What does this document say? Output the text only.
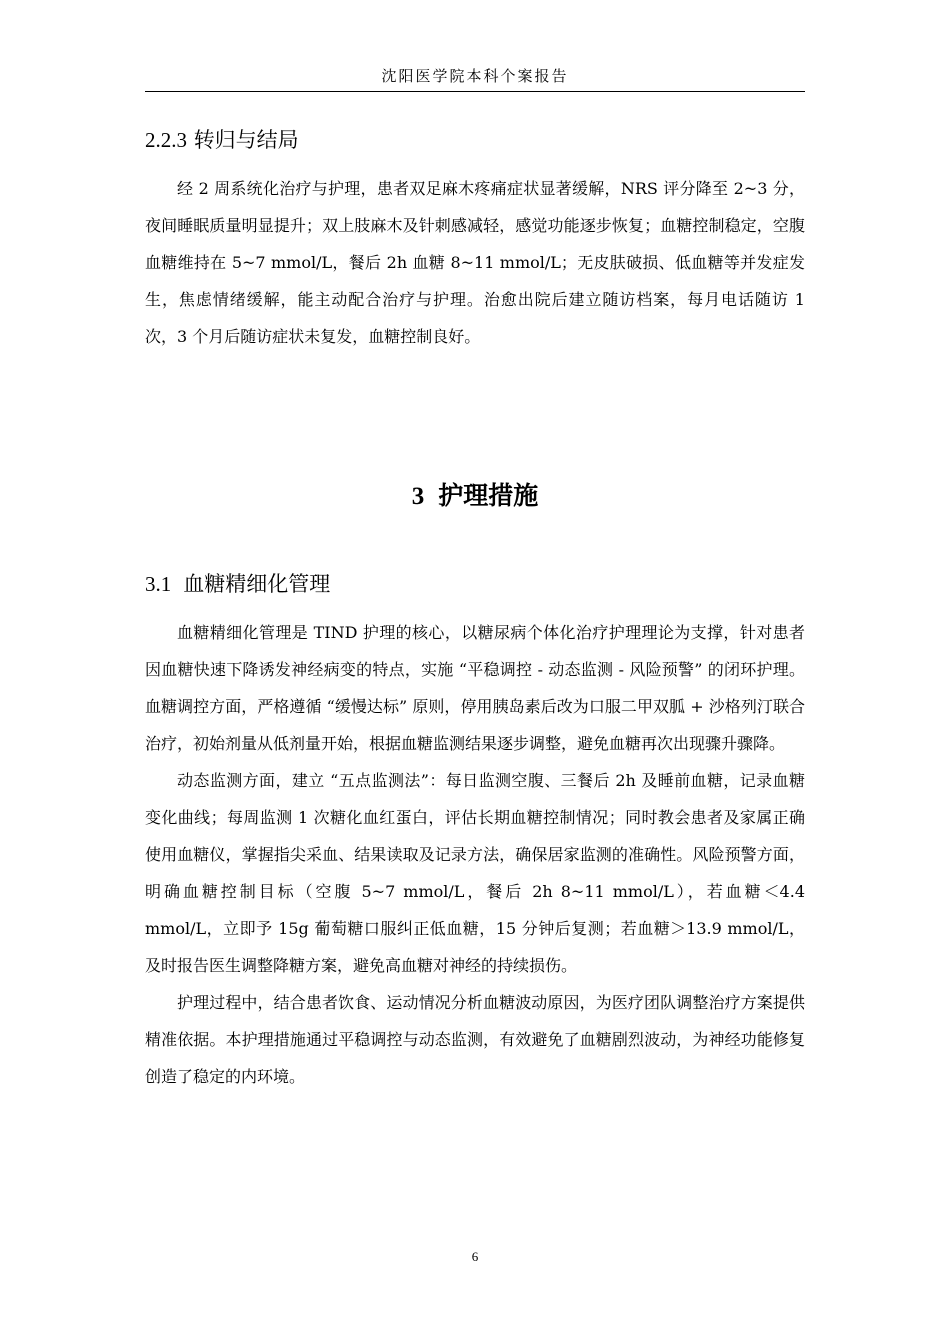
沈阳医学院本科个案报告
2.2.3 转归与结局

经 2 周系统化治疗与护理，患者双足麻木疼痛症状显著缓解，NRS 评分降至 2~3 分，夜间睡眠质量明显提升；双上肢麻木及针刺感减轻，感觉功能逐步恢复；血糖控制稳定，空腹血糖维持在 5~7 mmol/L，餐后 2h 血糖 8~11 mmol/L；无皮肤破损、低血糖等并发症发生，焦虑情绪缓解，能主动配合治疗与护理。治愈出院后建立随访档案，每月电话随访 1 次，3 个月后随访症状未复发，血糖控制良好。

3 护理措施
3.1 血糖精细化管理

血糖精细化管理是 TIND 护理的核心，以糖尿病个体化治疗护理理论为支撑，针对患者因血糖快速下降诱发神经病变的特点，实施 “平稳调控 - 动态监测 - 风险预警” 的闭环护理。血糖调控方面，严格遵循 “缓慢达标” 原则，停用胰岛素后改为口服二甲双胍 + 沙格列汀联合治疗，初始剂量从低剂量开始，根据血糖监测结果逐步调整，避免血糖再次出现骤升骤降。

动态监测方面，建立 “五点监测法”：每日监测空腹、三餐后 2h 及睡前血糖，记录血糖变化曲线；每周监测 1 次糖化血红蛋白，评估长期血糖控制情况；同时教会患者及家属正确使用血糖仪，掌握指尖采血、结果读取及记录方法，确保居家监测的准确性。风险预警方面，明确血糖控制目标（空腹 5~7 mmol/L，餐后 2h 8~11 mmol/L），若血糖＜4.4 mmol/L，立即予 15g 葡萄糖口服纠正低血糖，15 分钟后复测；若血糖＞13.9 mmol/L，及时报告医生调整降糖方案，避免高血糖对神经的持续损伤。

护理过程中，结合患者饮食、运动情况分析血糖波动原因，为医疗团队调整治疗方案提供精准依据。本护理措施通过平稳调控与动态监测，有效避免了血糖剧烈波动，为神经功能修复创造了稳定的内环境。

6
